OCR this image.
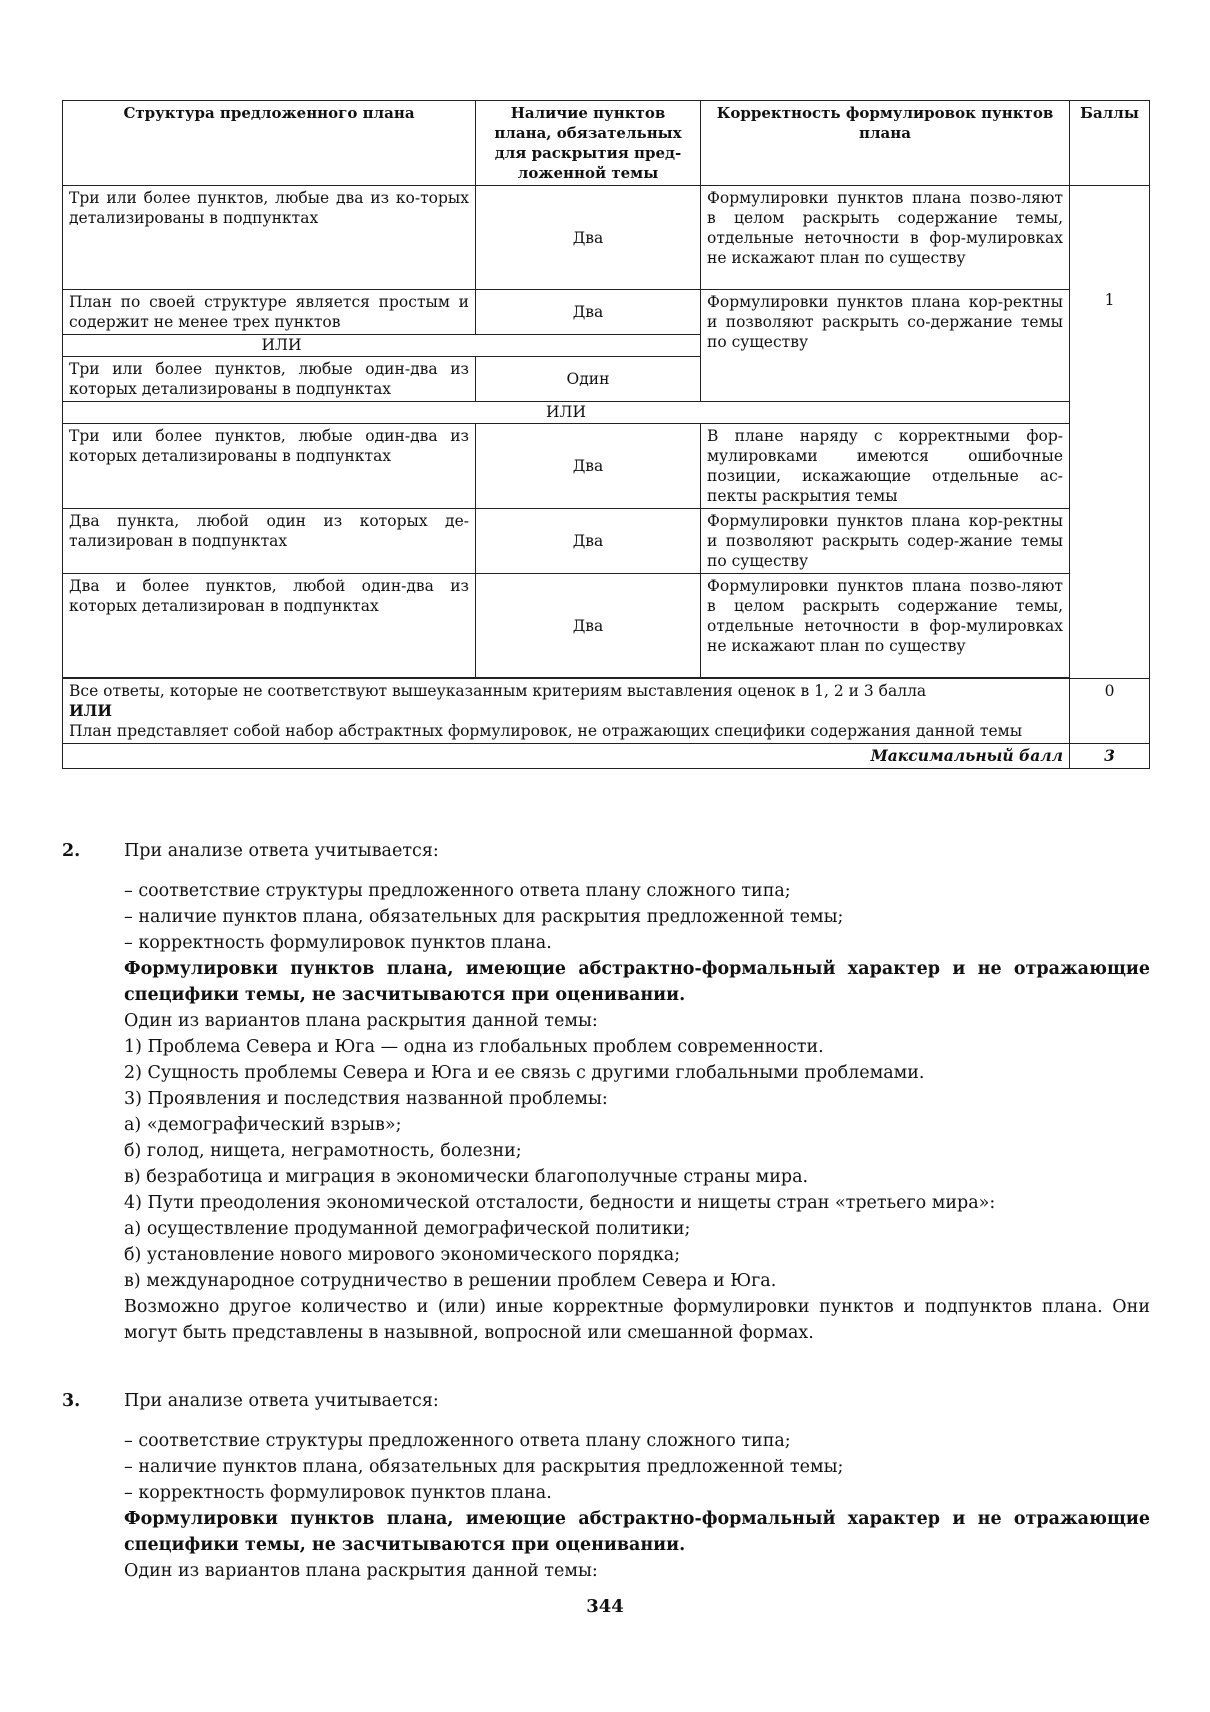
Структура предложенного плана	Наличие пунктов плана, обязательных для раскрытия пред-ложенной темы	Корректность формулировок пунктов плана	Баллы
Три или более пунктов, любые два из ко-торых детализированы в подпунктах	Два	Формулировки пунктов плана позво-ляют в целом раскрыть содержание темы, отдельные неточности в фор-мулировках не искажают план по существу	1
План по своей структуре является простым и содержит не менее трех пунктов	Два	Формулировки пунктов плана кор-ректны и позволяют раскрыть со-держание темы по существу	
ИЛИ			
Три или более пунктов, любые один-два из которых детализированы в подпунктах	Один		
ИЛИ			
Три или более пунктов, любые один-два из которых детализированы в подпунктах	Два	В плане наряду с корректными фор-мулировками имеются ошибочные позиции, искажающие отдельные ас-пекты раскрытия темы	
Два пункта, любой один из которых де-тализирован в подпунктах	Два	Формулировки пунктов плана кор-ректны и позволяют раскрыть содер-жание темы по существу	
Два и более пунктов, любой один-два из которых детализирован в подпунктах	Два	Формулировки пунктов плана позво-ляют в целом раскрыть содержание темы, отдельные неточности в фор-мулировках не искажают план по существу	

Все ответы, которые не соответствуют вышеуказанным критериям выставления оценок в 1, 2 и 3 балла
ИЛИ
План представляет собой набор абстрактных формулировок, не отражающих специфики содержания данной темы			0
Максимальный балл			3
2. При анализе ответа учитывается:

– соответствие структуры предложенного ответа плану сложного типа;

– наличие пунктов плана, обязательных для раскрытия предложенной темы;

– корректность формулировок пунктов плана.

Формулировки пунктов плана, имеющие абстрактно-формальный характер и не отражающие специфики темы, не засчитываются при оценивании.

Один из вариантов плана раскрытия данной темы:

1) Проблема Севера и Юга — одна из глобальных проблем современности.

2) Сущность проблемы Севера и Юга и ее связь с другими глобальными проблемами.

3) Проявления и последствия названной проблемы:

а) «демографический взрыв»;

б) голод, нищета, неграмотность, болезни;

в) безработица и миграция в экономически благополучные страны мира.

4) Пути преодоления экономической отсталости, бедности и нищеты стран «третьего мира»:

а) осуществление продуманной демографической политики;

б) установление нового мирового экономического порядка;

в) международное сотрудничество в решении проблем Севера и Юга.

Возможно другое количество и (или) иные корректные формулировки пунктов и подпунктов плана. Они могут быть представлены в назывной, вопросной или смешанной формах.

3. При анализе ответа учитывается:

– соответствие структуры предложенного ответа плану сложного типа;

– наличие пунктов плана, обязательных для раскрытия предложенной темы;

– корректность формулировок пунктов плана.

Формулировки пунктов плана, имеющие абстрактно-формальный характер и не отражающие специфики темы, не засчитываются при оценивании.

Один из вариантов плана раскрытия данной темы:

344
